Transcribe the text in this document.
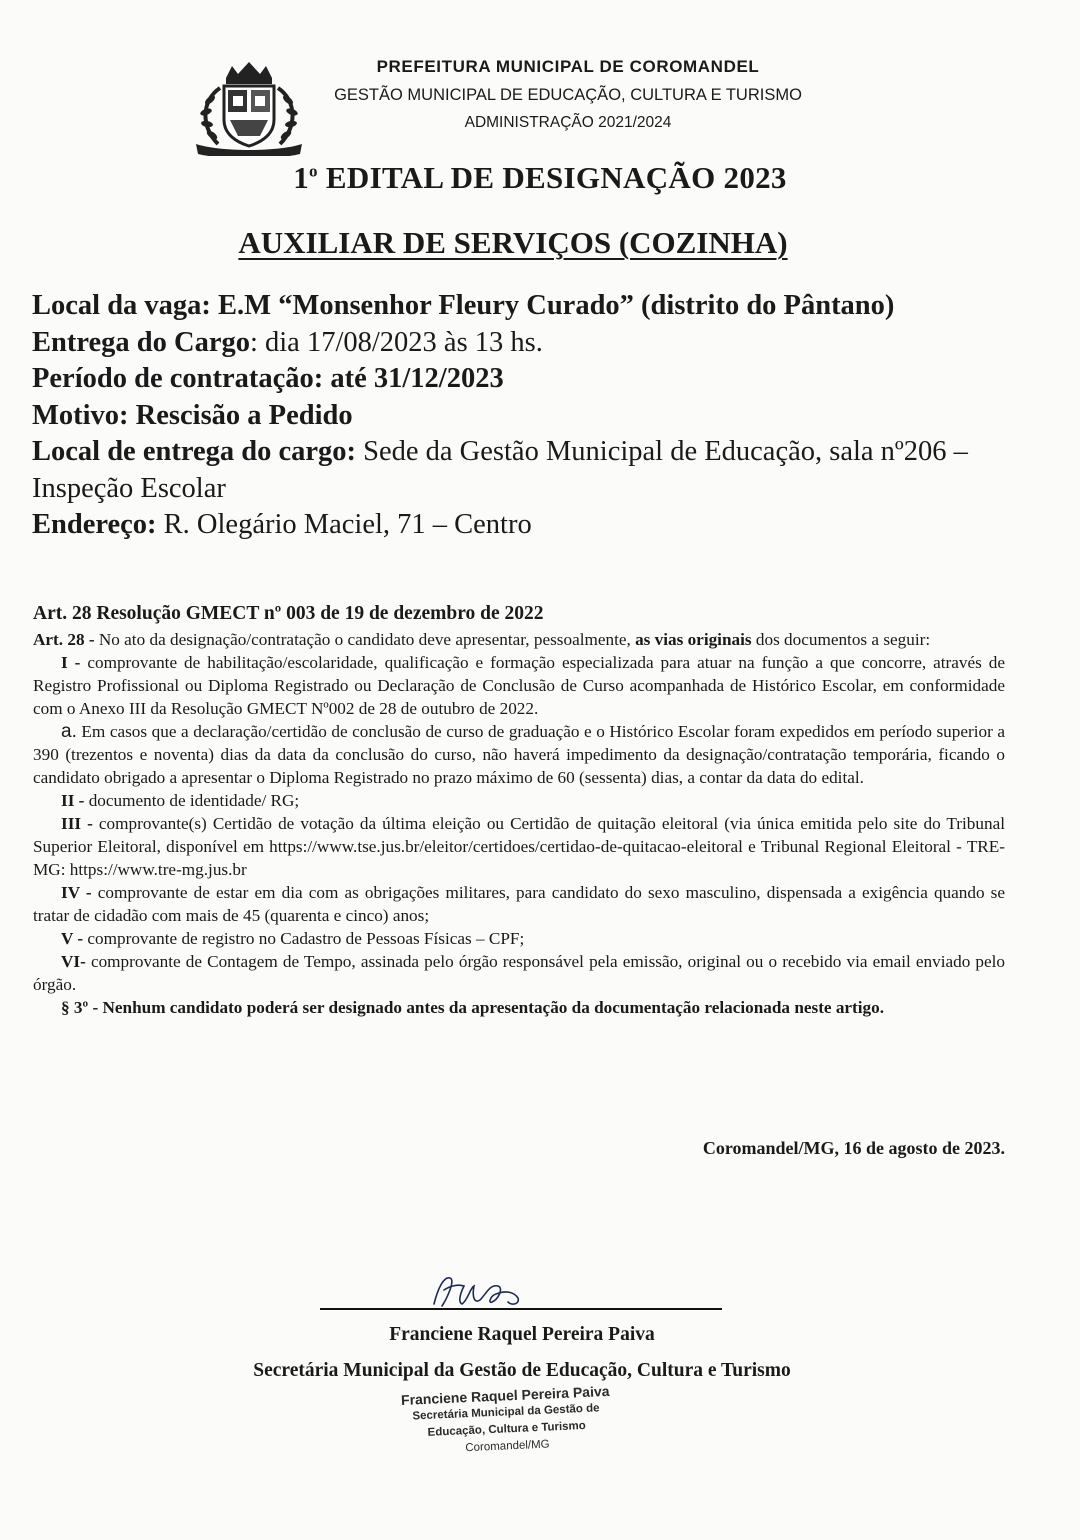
PREFEITURA MUNICIPAL DE COROMANDEL
GESTÃO MUNICIPAL DE EDUCAÇÃO, CULTURA E TURISMO
ADMINISTRAÇÃO 2021/2024
1$^o$ EDITAL DE DESIGNAÇÃO 2023
AUXILIAR DE SERVIÇOS (COZINHA)
Local da vaga: E.M “Monsenhor Fleury Curado” (distrito do Pântano)
Entrega do Cargo: dia 17/08/2023 às 13 hs.
Período de contratação: até 31/12/2023
Motivo: Rescisão a Pedido
Local de entrega do cargo: Sede da Gestão Municipal de Educação, sala nº206 – Inspeção Escolar
Endereço: R. Olegário Maciel, 71 – Centro
Art. 28 Resolução GMECT nº 003 de 19 de dezembro de 2022

Art. 28 - No ato da designação/contratação o candidato deve apresentar, pessoalmente, as vias originais dos documentos a seguir:

I - comprovante de habilitação/escolaridade, qualificação e formação especializada para atuar na função a que concorre, através de Registro Profissional ou Diploma Registrado ou Declaração de Conclusão de Curso acompanhada de Histórico Escolar, em conformidade com o Anexo III da Resolução GMECT Nº002 de 28 de outubro de 2022.

a. Em casos que a declaração/certidão de conclusão de curso de graduação e o Histórico Escolar foram expedidos em período superior a 390 (trezentos e noventa) dias da data da conclusão do curso, não haverá impedimento da designação/contratação temporária, ficando o candidato obrigado a apresentar o Diploma Registrado no prazo máximo de 60 (sessenta) dias, a contar da data do edital.

II - documento de identidade/ RG;

III - comprovante(s) Certidão de votação da última eleição ou Certidão de quitação eleitoral (via única emitida pelo site do Tribunal Superior Eleitoral, disponível em https://www.tse.jus.br/eleitor/certidoes/certidao-de-quitacao-eleitoral e Tribunal Regional Eleitoral - TRE-MG: https://www.tre-mg.jus.br

IV - comprovante de estar em dia com as obrigações militares, para candidato do sexo masculino, dispensada a exigência quando se tratar de cidadão com mais de 45 (quarenta e cinco) anos;

V - comprovante de registro no Cadastro de Pessoas Físicas – CPF;

VI- comprovante de Contagem de Tempo, assinada pelo órgão responsável pela emissão, original ou o recebido via email enviado pelo órgão.

§ 3º - Nenhum candidato poderá ser designado antes da apresentação da documentação relacionada neste artigo.

Coromandel/MG, 16 de agosto de 2023.
Franciene Raquel Pereira Paiva
Secretária Municipal da Gestão de Educação, Cultura e Turismo
Franciene Raquel Pereira Paiva
Secretária Municipal da Gestão de
Educação, Cultura e Turismo
Coromandel/MG
